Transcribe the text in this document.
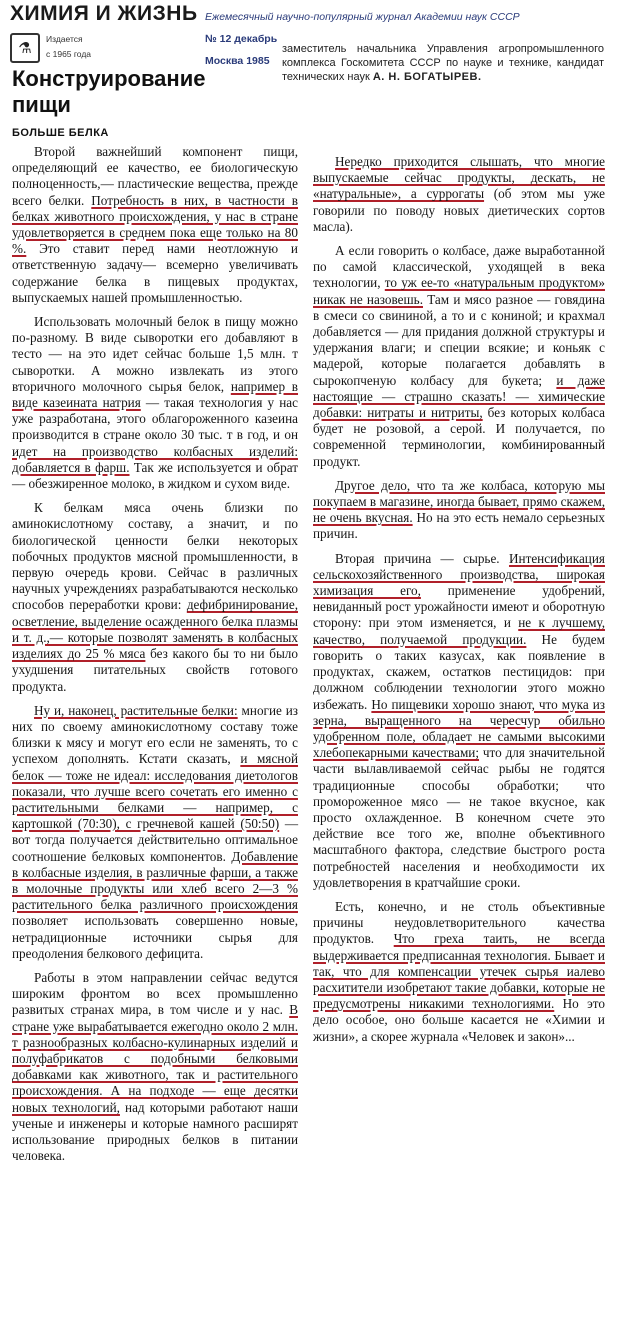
ХИМИЯ И ЖИЗНЬ Ежемесячный научно-популярный журнал Академии наук СССР
№ 12 декабрь
Москва 1985
⚗
Издается
с 1965 года
Конструирование
пищи
заместитель начальника Управления агропромышленного комплекса Госкомитета СССР по науке и технике, кандидат технических наук А. Н. БОГАТЫРЕВ.
БОЛЬШЕ БЕЛКА

Второй важнейший компонент пищи, определяющий ее качество, ее биологическую полноценность,— пластические вещества, прежде всего белки. Потребность в них, в частности в белках животного происхождения, у нас в стране удовлетворяется в среднем пока еще только на 80 %. Это ставит перед нами неотложную и ответственную задачу— всемерно увеличивать содержание белка в пищевых продуктах, выпускаемых нашей промышленностью.

Использовать молочный белок в пищу можно по-разному. В виде сыворотки его добавляют в тесто — на это идет сейчас больше 1,5 млн. т сыворотки. А можно извлекать из этого вторичного молочного сырья белок, например в виде казеината натрия — такая технология у нас уже разработана, этого облагороженного казеина производится в стране около 30 тыс. т в год, и он идет на производство колбасных изделий: добавляется в фарш. Так же используется и обрат — обезжиренное молоко, в жидком и сухом виде.

К белкам мяса очень близки по аминокислотному составу, а значит, и по биологической ценности белки некоторых побочных продуктов мясной промышленности, в первую очередь крови. Сейчас в различных научных учреждениях разрабатываются несколько способов переработки крови: дефибринирование, осветление, выделение осажденного белка плазмы и т. д.,— которые позволят заменять в колбасных изделиях до 25 % мяса без какого бы то ни было ухудшения питательных свойств готового продукта.

Ну и, наконец, растительные белки: многие из них по своему аминокислотному составу тоже близки к мясу и могут его если не заменять, то с успехом дополнять. Кстати сказать, и мясной белок — тоже не идеал: исследования диетологов показали, что лучше всего сочетать его именно с растительными белками — например, с картошкой (70:30), с гречневой кашей (50:50) — вот тогда получается действительно оптимальное соотношение белковых компонентов. Добавление в колбасные изделия, в различные фарши, а также в молочные продукты или хлеб всего 2—3 % растительного белка различного происхождения позволяет использовать совершенно новые, нетрадиционные источники сырья для преодоления белкового дефицита.

Работы в этом направлении сейчас ведутся широким фронтом во всех промышленно развитых странах мира, в том числе и у нас. В стране уже вырабатывается ежегодно около 2 млн. т разнообразных колбасно-кулинарных изделий и полуфабрикатов с подобными белковыми добавками как животного, так и растительного происхождения. А на подходе — еще десятки новых технологий, над которыми работают наши ученые и инженеры и которые намного расширят использование природных белков в питании человека.

Нередко приходится слышать, что многие выпускаемые сейчас продукты, дескать, не «натуральные», а суррогаты (об этом мы уже говорили по поводу новых диетических сортов масла).

А если говорить о колбасе, даже выработанной по самой классической, уходящей в века технологии, то уж ее-то «натуральным продуктом» никак не назовешь. Там и мясо разное — говядина в смеси со свининой, а то и с кониной; и крахмал добавляется — для придания должной структуры и удержания влаги; и специи всякие; и коньяк с мадерой, которые полагается добавлять в сырокопченую колбасу для букета; и даже настоящие — страшно сказать! — химические добавки: нитраты и нитриты, без которых колбаса будет не розовой, а серой. И получается, по современной терминологии, комбинированный продукт.

Другое дело, что та же колбаса, которую мы покупаем в магазине, иногда бывает, прямо скажем, не очень вкусная. Но на это есть немало серьезных причин.

Вторая причина — сырье. Интенсификация сельскохозяйственного производства, широкая химизация его, применение удобрений, невиданный рост урожайности имеют и оборотную сторону: при этом изменяется, и не к лучшему, качество, получаемой продукции. Не будем говорить о таких казусах, как появление в продуктах, скажем, остатков пестицидов: при должном соблюдении технологии этого можно избежать. Но пищевики хорошо знают, что мука из зерна, выращенного на чересчур обильно удобренном поле, обладает не самыми высокими хлебопекарными качествами; что для значительной части вылавливаемой сейчас рыбы не годятся традиционные способы обработки; что промороженное мясо — не такое вкусное, как просто охлажденное. В конечном счете это действие все того же, вполне объективного масштабного фактора, следствие быстрого роста потребностей населения и необходимости их удовлетворения в кратчайшие сроки.

Есть, конечно, и не столь объективные причины неудовлетворительного качества продуктов. Что греха таить, не всегда выдерживается предписанная технология. Бывает и так, что для компенсации утечек сырья иалево расхитители изобретают такие добавки, которые не предусмотрены никакими технологиями. Но это дело особое, оно больше касается не «Химии и жизни», а скорее журнала «Человек и закон»...
